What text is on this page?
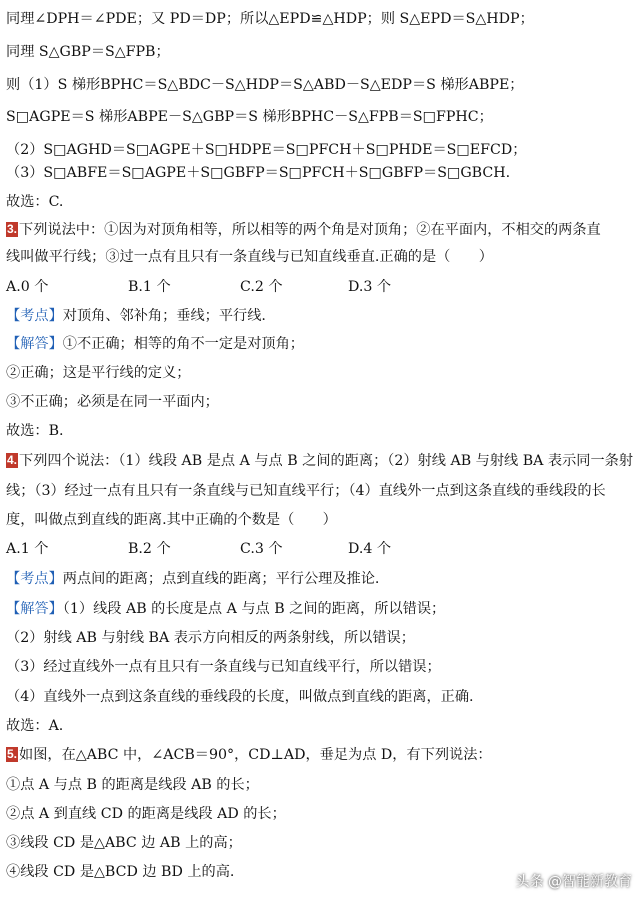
同理∠DPH＝∠PDE；又 PD＝DP；所以△EPD≌△HDP；则 S△EPD＝S△HDP；
同理 S△GBP＝S△FPB；
则（1）S 梯形BPHC＝S△BDC－S△HDP＝S△ABD－S△EDP＝S 梯形ABPE；
S□AGPE＝S 梯形ABPE－S△GBP＝S 梯形BPHC－S△FPB＝S□FPHC；
（2）S□AGHD＝S□AGPE＋S□HDPE＝S□PFCH＋S□PHDE＝S□EFCD；
（3）S□ABFE＝S□AGPE＋S□GBFP＝S□PFCH＋S□GBFP＝S□GBCH.
故选：C.
3. 下列说法中：①因为对顶角相等，所以相等的两个角是对顶角；②在平面内，不相交的两条直
线叫做平行线；③过一点有且只有一条直线与已知直线垂直.正确的是（　　）
A.0 个	B.1 个	C.2 个	D.3 个
【考点】对顶角、邻补角；垂线；平行线.
【解答】①不正确；相等的角不一定是对顶角；
②正确；这是平行线的定义；
③不正确；必须是在同一平面内；
故选：B.
4. 下列四个说法：（1）线段 AB 是点 A 与点 B 之间的距离；（2）射线 AB 与射线 BA 表示同一条射
线；（3）经过一点有且只有一条直线与已知直线平行；（4）直线外一点到这条直线的垂线段的长
度，叫做点到直线的距离.其中正确的个数是（　　）
A.1 个	B.2 个	C.3 个	D.4 个
【考点】两点间的距离；点到直线的距离；平行公理及推论.
【解答】（1）线段 AB 的长度是点 A 与点 B 之间的距离，所以错误；
（2）射线 AB 与射线 BA 表示方向相反的两条射线，所以错误；
（3）经过直线外一点有且只有一条直线与已知直线平行，所以错误；
（4）直线外一点到这条直线的垂线段的长度，叫做点到直线的距离，正确.
故选：A.
5. 如图，在△ABC 中，∠ACB＝90°，CD⊥AD，垂足为点 D，有下列说法：
①点 A 与点 B 的距离是线段 AB 的长；
②点 A 到直线 CD 的距离是线段 AD 的长；
③线段 CD 是△ABC 边 AB 上的高；
④线段 CD 是△BCD 边 BD 上的高.
头条 @智能新教育
